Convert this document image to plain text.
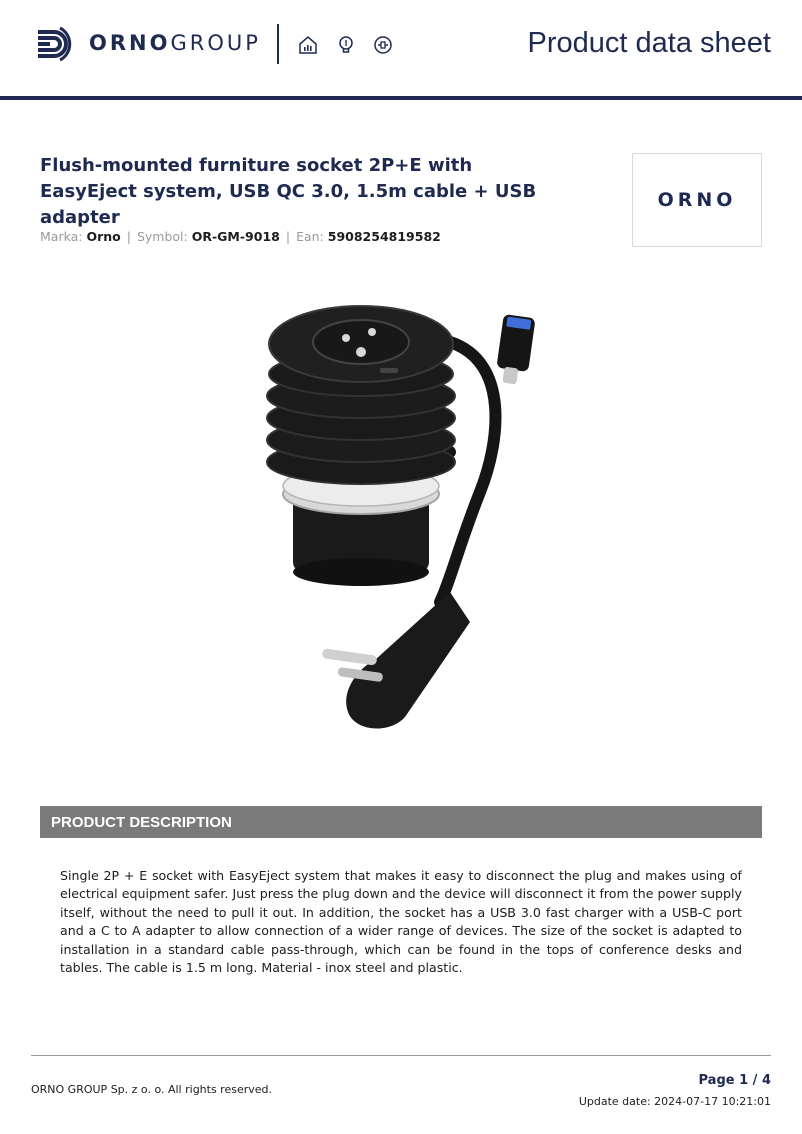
ORNOGROUP	Product data sheet
Flush-mounted furniture socket 2P+E with EasyEject system, USB QC 3.0, 1.5m cable + USB adapter
Marka: Orno | Symbol: OR-GM-9018 | Ean: 5908254819582
ORNO
PRODUCT DESCRIPTION

Single 2P + E socket with EasyEject system that makes it easy to disconnect the plug and makes using of electrical equipment safer. Just press the plug down and the device will disconnect it from the power supply itself, without the need to pull it out. In addition, the socket has a USB 3.0 fast charger with a USB-C port and a C to A adapter to allow connection of a wider range of devices. The size of the socket is adapted to installation in a standard cable pass-through, which can be found in the tops of conference desks and tables. The cable is 1.5 m long. Material - inox steel and plastic.

ORNO GROUP Sp. z o. o. All rights reserved.
Page 1 / 4
Update date: 2024-07-17 10:21:01
